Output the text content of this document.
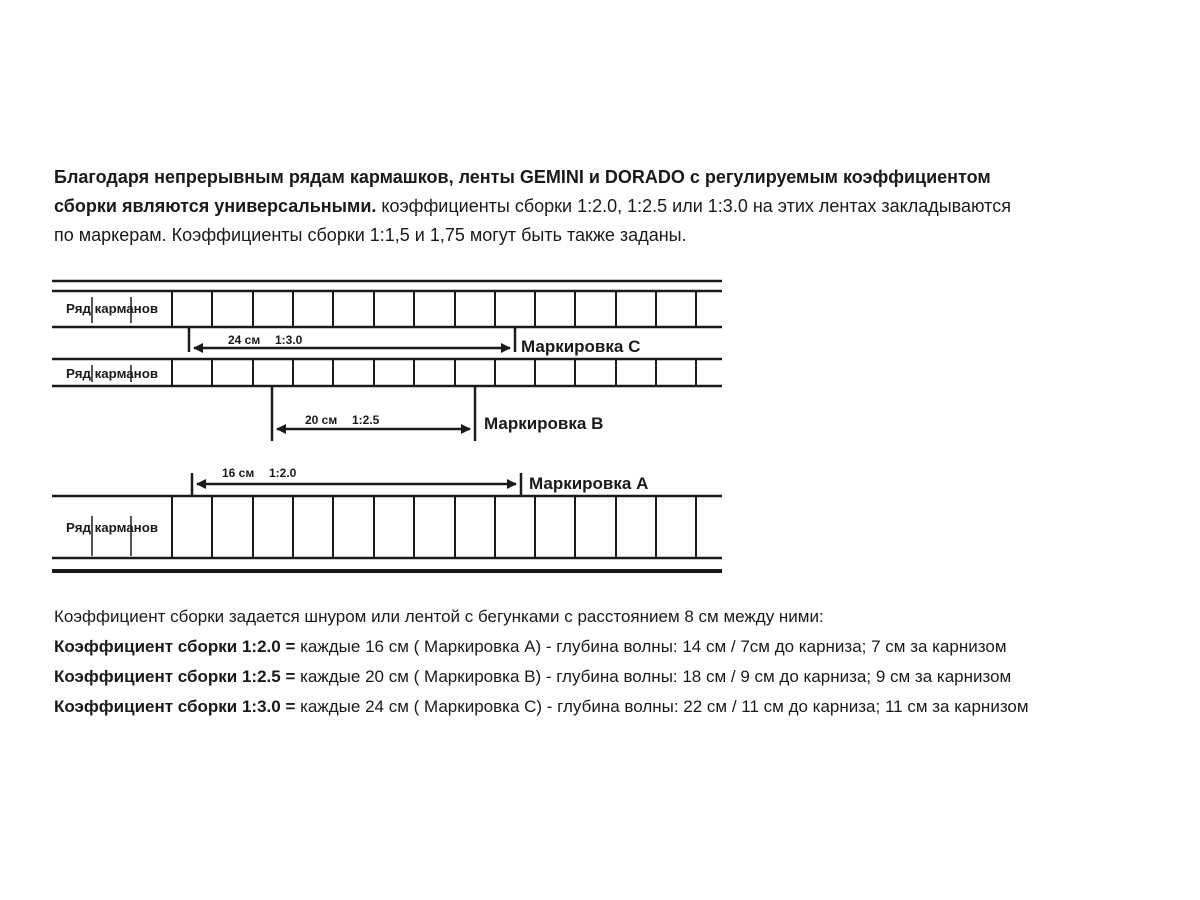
Благодаря непрерывным рядам кармашков, ленты GEMINI и DORADO с регулируемым коэффициентом
сборки являются универсальными. коэффициенты сборки 1:2.0, 1:2.5 или 1:3.0 на этих лентах закладываются
по маркерам. Коэффициенты сборки 1:1,5 и 1,75 могут быть также заданы.
Ряд карманов
Ряд карманов
Ряд карманов
24 см 1:3.0	Маркировка C
20 см 1:2.5	Маркировка B
16 см 1:2.0
Маркировка A
Коэффициент сборки задается шнуром или лентой с бегунками с расстоянием 8 см между ними:
Коэффициент сборки 1:2.0 = каждые 16 см ( Маркировка A) - глубина волны: 14 см / 7см до карниза; 7 см за карнизом
Коэффициент сборки 1:2.5 = каждые 20 см ( Маркировка B) - глубина волны: 18 см / 9 см до карниза; 9 см за карнизом
Коэффициент сборки 1:3.0 = каждые 24 см ( Маркировка C) - глубина волны: 22 см / 11 см до карниза; 11 см за карнизом
